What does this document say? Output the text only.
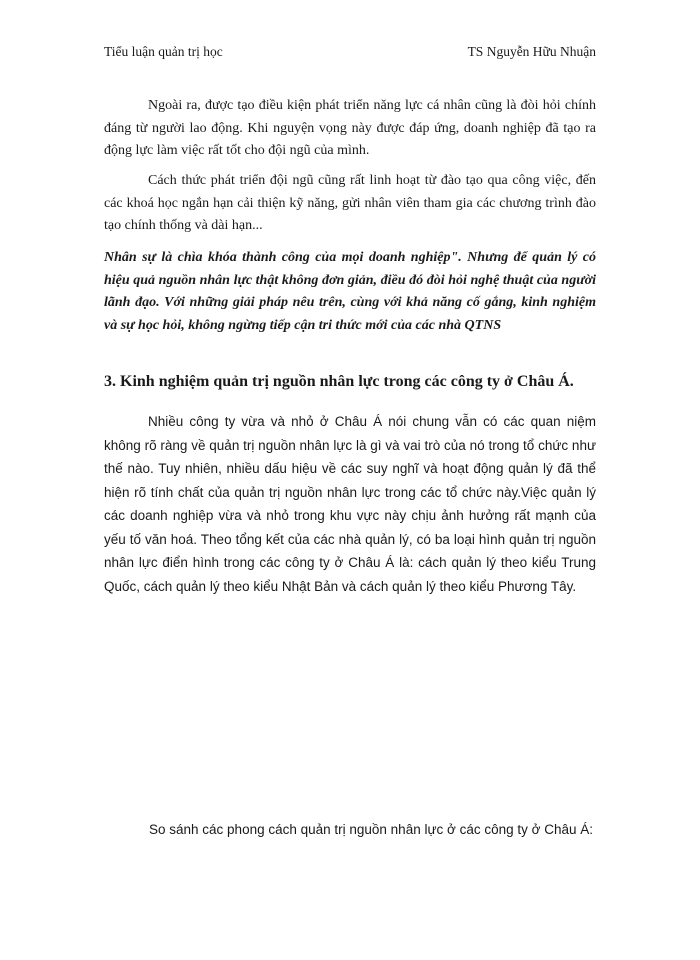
Tiểu luận quản trị học	TS Nguyễn Hữu Nhuận

Ngoài ra, được tạo điều kiện phát triển năng lực cá nhân cũng là đòi hỏi chính đáng từ người lao động. Khi nguyện vọng này được đáp ứng, doanh nghiệp đã tạo ra động lực làm việc rất tốt cho đội ngũ của mình.

Cách thức phát triển đội ngũ cũng rất linh hoạt từ đào tạo qua công việc, đến các khoá học ngắn hạn cải thiện kỹ năng, gửi nhân viên tham gia các chương trình đào tạo chính thống và dài hạn...

Nhân sự là chìa khóa thành công của mọi doanh nghiệp". Nhưng để quản lý có hiệu quả nguồn nhân lực thật không đơn giản, điều đó đòi hỏi nghệ thuật của người lãnh đạo. Với những giải pháp nêu trên, cùng với khả năng cố gắng, kinh nghiệm và sự học hỏi, không ngừng tiếp cận tri thức mới của các nhà QTNS

3. Kinh nghiệm quản trị nguồn nhân lực trong các công ty ở Châu Á.

Nhiều công ty vừa và nhỏ ở Châu Á nói chung vẫn có các quan niệm không rõ ràng về quản trị nguồn nhân lực là gì và vai trò của nó trong tổ chức như thế nào. Tuy nhiên, nhiều dấu hiệu về các suy nghĩ và hoạt động quản lý đã thể hiện rõ tính chất của quản trị nguồn nhân lực trong các tổ chức này.Việc quản lý các doanh nghiệp vừa và nhỏ trong khu vực này chịu ảnh hưởng rất mạnh của yếu tố văn hoá. Theo tổng kết của các nhà quản lý, có ba loại hình quản trị nguồn nhân lực điển hình trong các công ty ở Châu Á là: cách quản lý theo kiểu Trung Quốc, cách quản lý theo kiểu Nhật Bản và cách quản lý theo kiểu Phương Tây.

So sánh các phong cách quản trị nguồn nhân lực ở các công ty ở Châu Á:
